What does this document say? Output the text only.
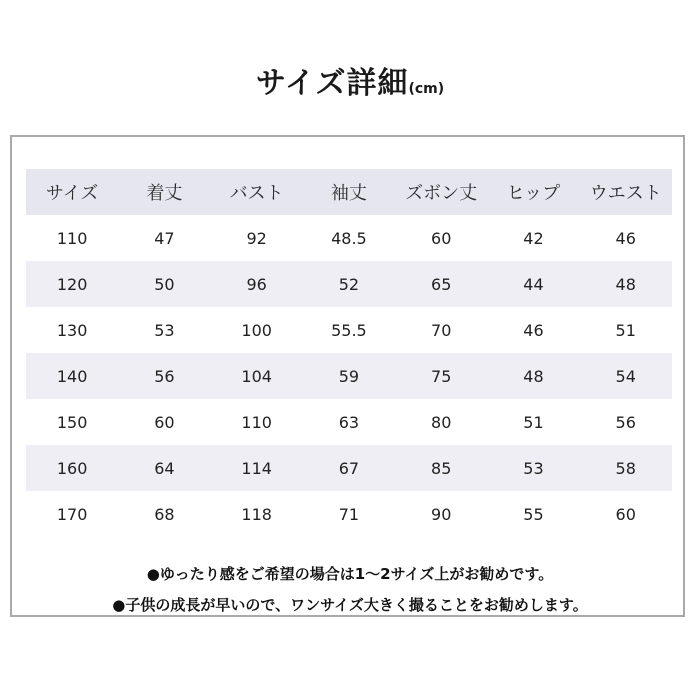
サイズ詳細(cm)
サイズ	着丈	バスト	袖丈	ズボン丈	ヒップ	ウエスト
110	47	92	48.5	60	42	46
120	50	96	52	65	44	48
130	53	100	55.5	70	46	51
140	56	104	59	75	48	54
150	60	110	63	80	51	56
160	64	114	67	85	53	58
170	68	118	71	90	55	60
●ゆったり感をご希望の場合は1～2サイズ上がお勧めです。
●子供の成長が早いので、ワンサイズ大きく撮ることをお勧めします。
